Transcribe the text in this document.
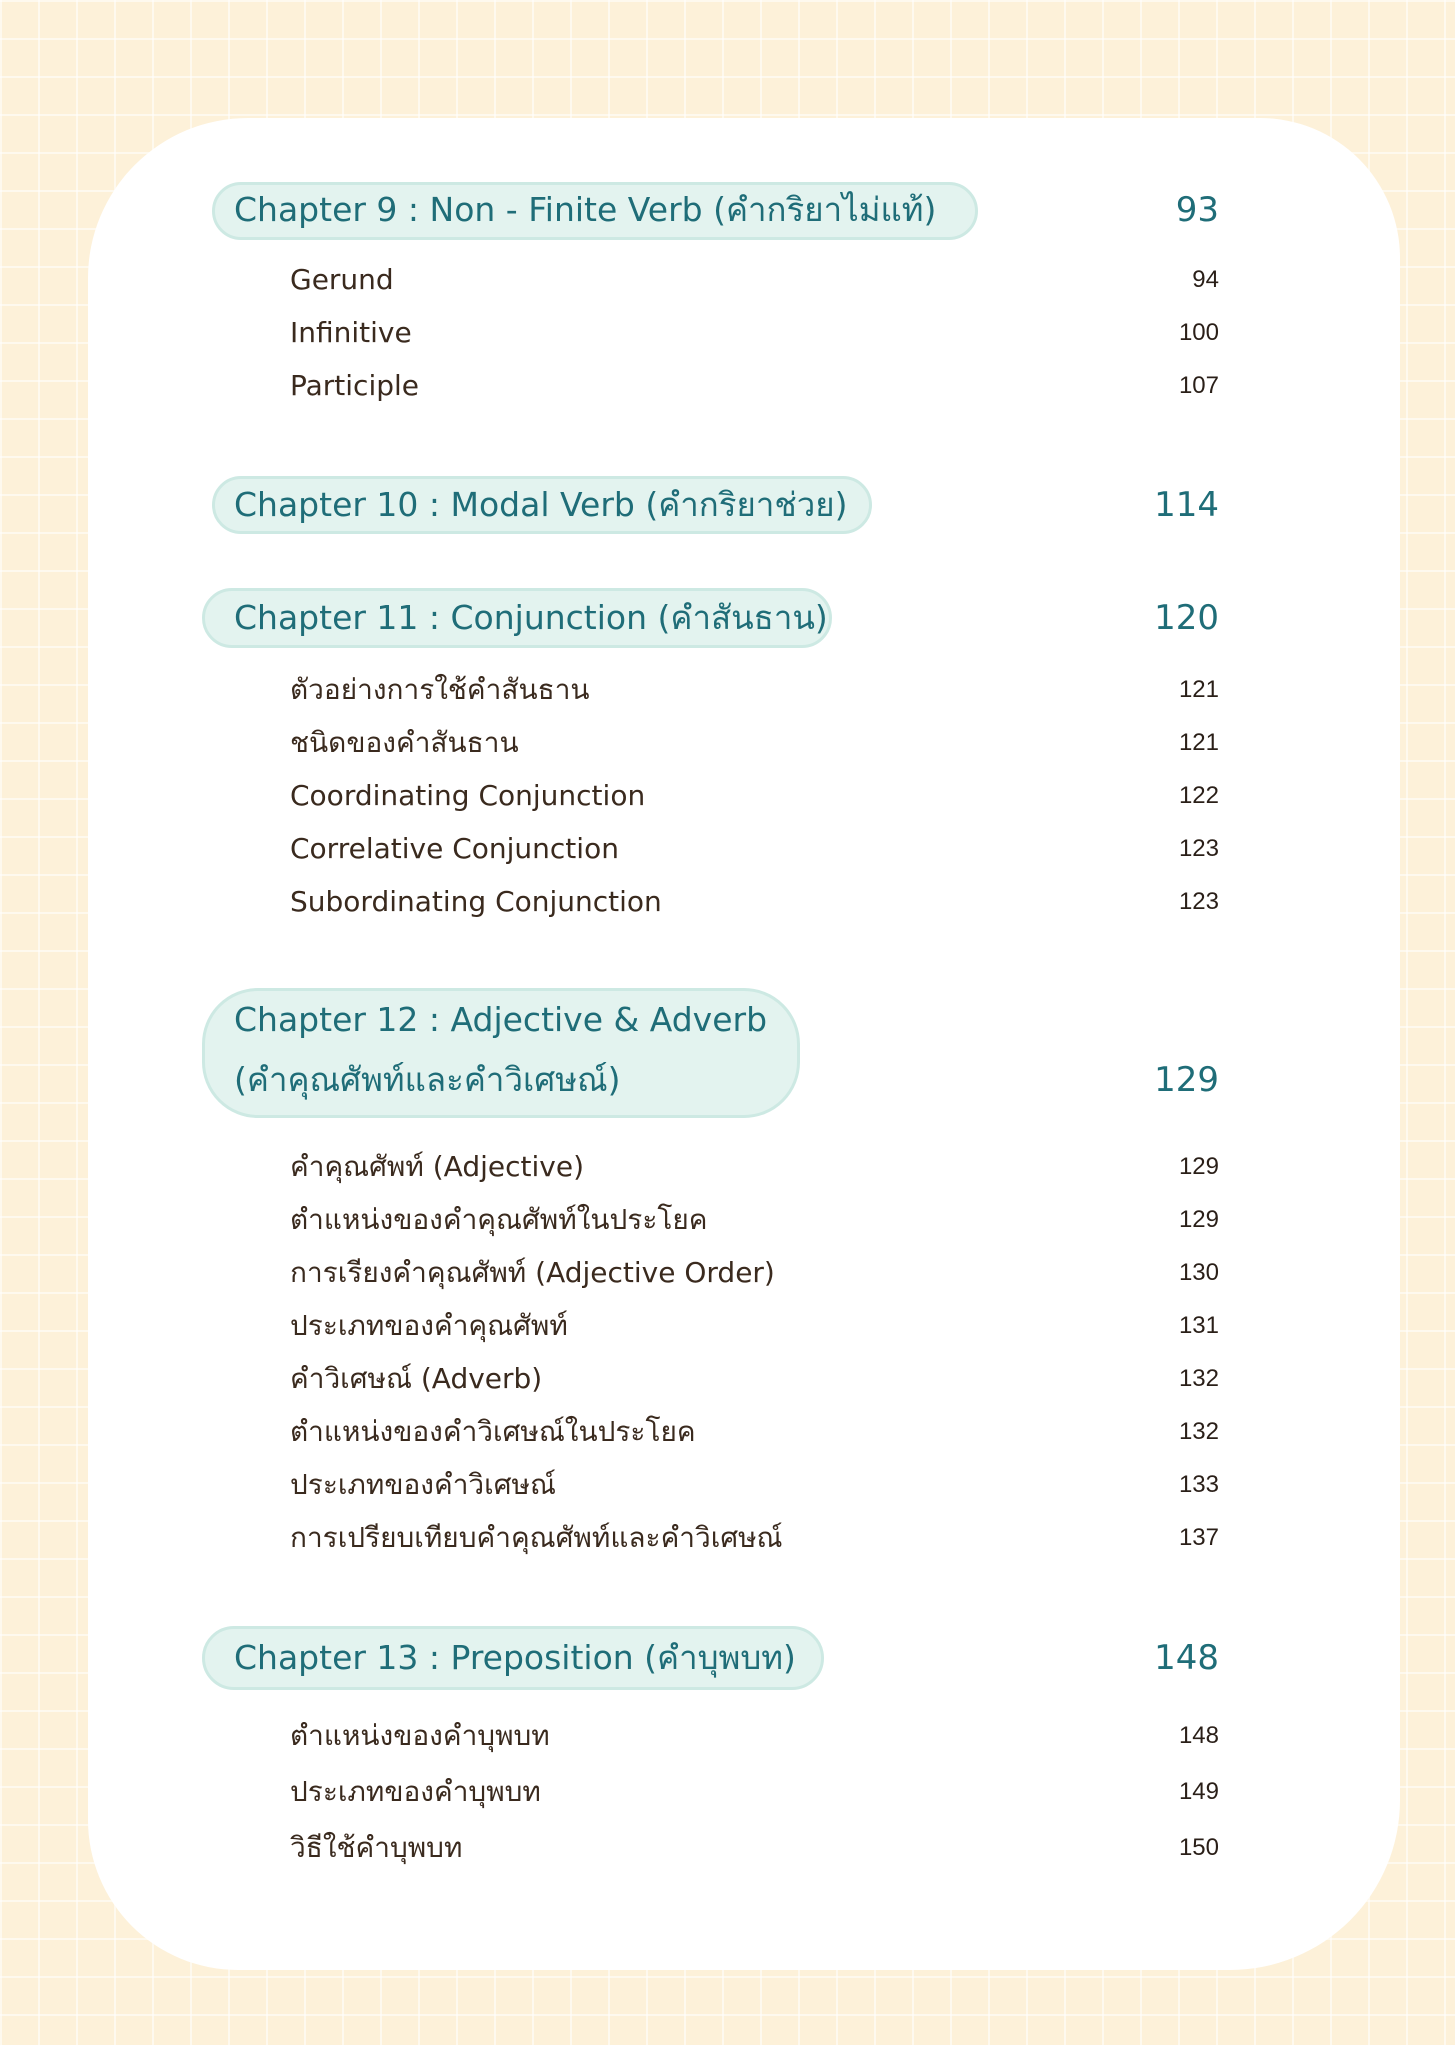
Chapter 9 : Non - Finite Verb (คำกริยาไม่แท้)	93
Gerund	94
Infinitive	100
Participle	107
Chapter 10 : Modal Verb (คำกริยาช่วย)	114
Chapter 11 : Conjunction (คำสันธาน)	120
ตัวอย่างการใช้คำสันธาน	121
ชนิดของคำสันธาน	121
Coordinating Conjunction	122
Correlative Conjunction	123
Subordinating Conjunction	123
Chapter 12 : Adjective & Adverb
(คำคุณศัพท์และคำวิเศษณ์)	129
คำคุณศัพท์ (Adjective)	129
ตำแหน่งของคำคุณศัพท์ในประโยค	129
การเรียงคำคุณศัพท์ (Adjective Order)	130
ประเภทของคำคุณศัพท์	131
คำวิเศษณ์ (Adverb)	132
ตำแหน่งของคำวิเศษณ์ในประโยค	132
ประเภทของคำวิเศษณ์	133
การเปรียบเทียบคำคุณศัพท์และคำวิเศษณ์	137
Chapter 13 : Preposition (คำบุพบท)	148
ตำแหน่งของคำบุพบท	148
ประเภทของคำบุพบท	149
วิธีใช้คำบุพบท	150
